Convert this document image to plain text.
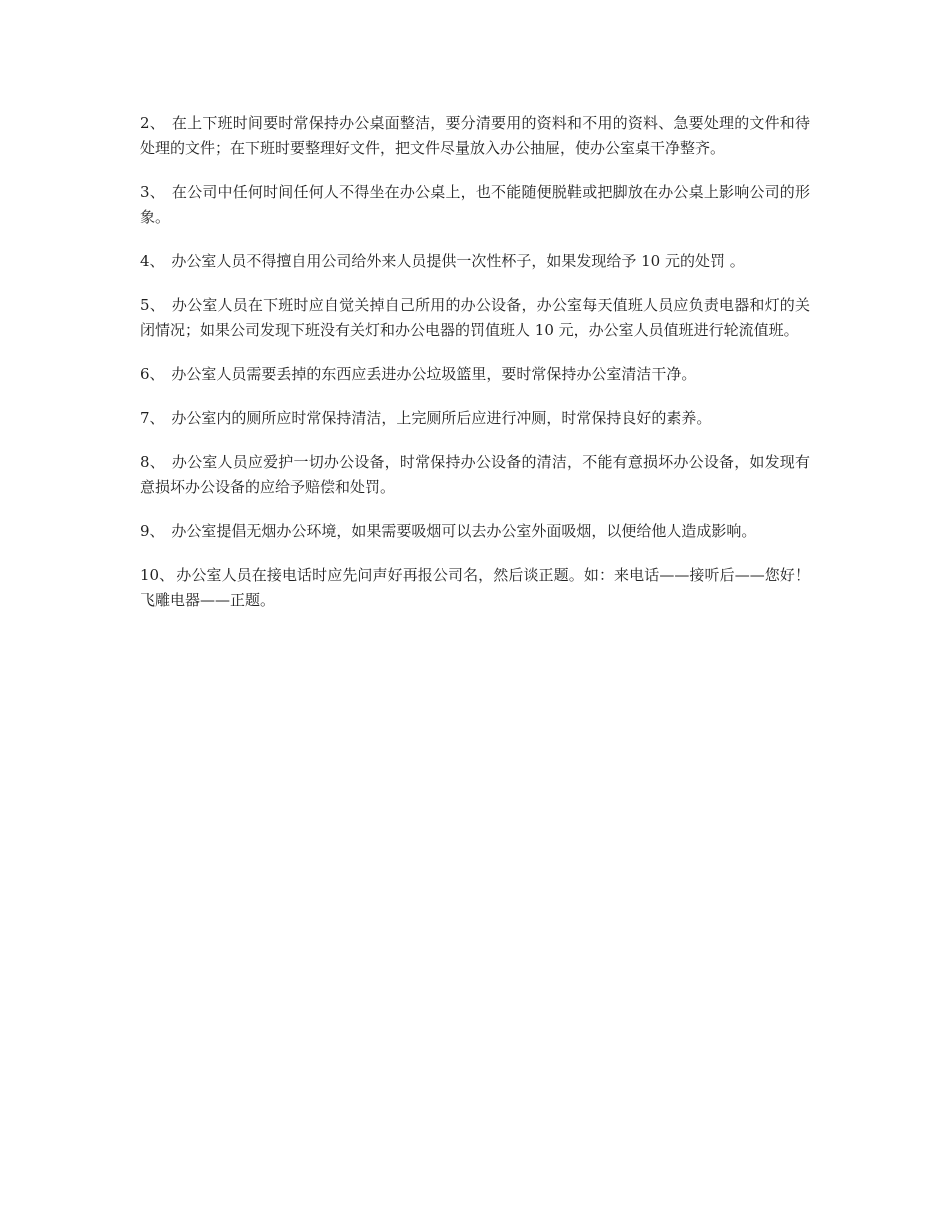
2、 在上下班时间要时常保持办公桌面整洁，要分清要用的资料和不用的资料、急要处理的文件和待处理的文件；在下班时要整理好文件，把文件尽量放入办公抽屉，使办公室桌干净整齐。

3、 在公司中任何时间任何人不得坐在办公桌上，也不能随便脱鞋或把脚放在办公桌上影响公司的形象。

4、 办公室人员不得擅自用公司给外来人员提供一次性杯子，如果发现给予 10 元的处罚 。

5、 办公室人员在下班时应自觉关掉自己所用的办公设备，办公室每天值班人员应负责电器和灯的关闭情况；如果公司发现下班没有关灯和办公电器的罚值班人 10 元，办公室人员值班进行轮流值班。

6、 办公室人员需要丢掉的东西应丢进办公垃圾篮里，要时常保持办公室清洁干净。

7、 办公室内的厕所应时常保持清洁，上完厕所后应进行冲厕，时常保持良好的素养。

8、 办公室人员应爱护一切办公设备，时常保持办公设备的清洁，不能有意损坏办公设备，如发现有意损坏办公设备的应给予赔偿和处罚。

9、 办公室提倡无烟办公环境，如果需要吸烟可以去办公室外面吸烟，以便给他人造成影响。

10、 办公室人员在接电话时应先问声好再报公司名，然后谈正题。如：来电话——接听后——您好！飞雕电器——正题。
